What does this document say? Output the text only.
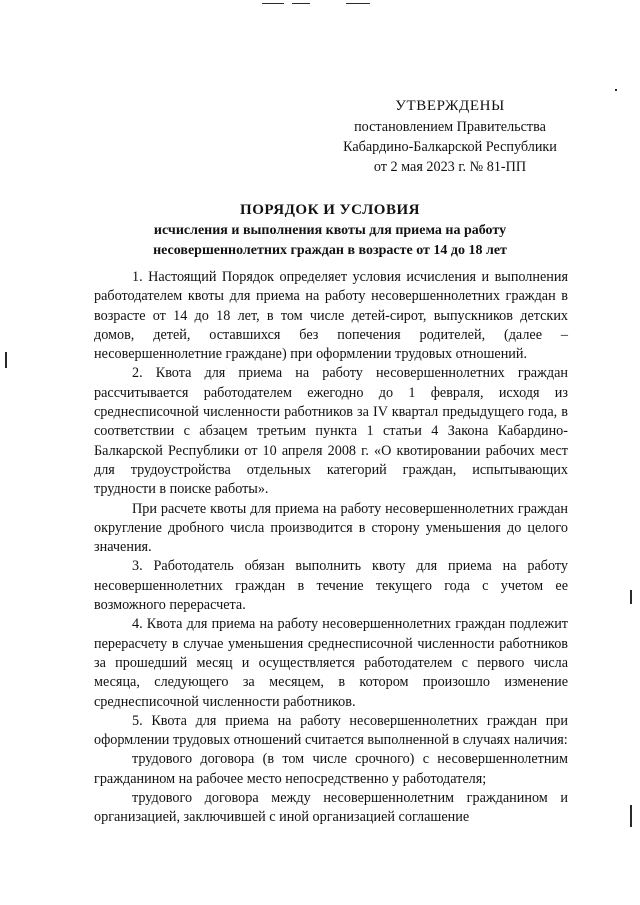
УТВЕРЖДЕНЫ
постановлением Правительства
Кабардино-Балкарской Республики
от 2 мая 2023 г. № 81-ПП
ПОРЯДОК И УСЛОВИЯ
исчисления и выполнения квоты для приема на работу
несовершеннолетних граждан в возрасте от 14 до 18 лет

1. Настоящий Порядок определяет условия исчисления и выполнения работодателем квоты для приема на работу несовершеннолетних граждан в возрасте от 14 до 18 лет, в том числе детей-сирот, выпускников детских домов, детей, оставшихся без попечения родителей, (далее – несовершеннолетние граждане) при оформлении трудовых отношений.

2. Квота для приема на работу несовершеннолетних граждан рассчитывается работодателем ежегодно до 1 февраля, исходя из среднесписочной численности работников за IV квартал предыдущего года, в соответствии с абзацем третьим пункта 1 статьи 4 Закона Кабардино-Балкарской Республики от 10 апреля 2008 г. «О квотировании рабочих мест для трудоустройства отдельных категорий граждан, испытывающих трудности в поиске работы».

При расчете квоты для приема на работу несовершеннолетних граждан округление дробного числа производится в сторону уменьшения до целого значения.

3. Работодатель обязан выполнить квоту для приема на работу несовершеннолетних граждан в течение текущего года с учетом ее возможного перерасчета.

4. Квота для приема на работу несовершеннолетних граждан подлежит перерасчету в случае уменьшения среднесписочной численности работников за прошедший месяц и осуществляется работодателем с первого числа месяца, следующего за месяцем, в котором произошло изменение среднесписочной численности работников.

5. Квота для приема на работу несовершеннолетних граждан при оформлении трудовых отношений считается выполненной в случаях наличия:

трудового договора (в том числе срочного) с несовершеннолетним гражданином на рабочее место непосредственно у работодателя;

трудового договора между несовершеннолетним гражданином и организацией, заключившей с иной организацией соглашение
